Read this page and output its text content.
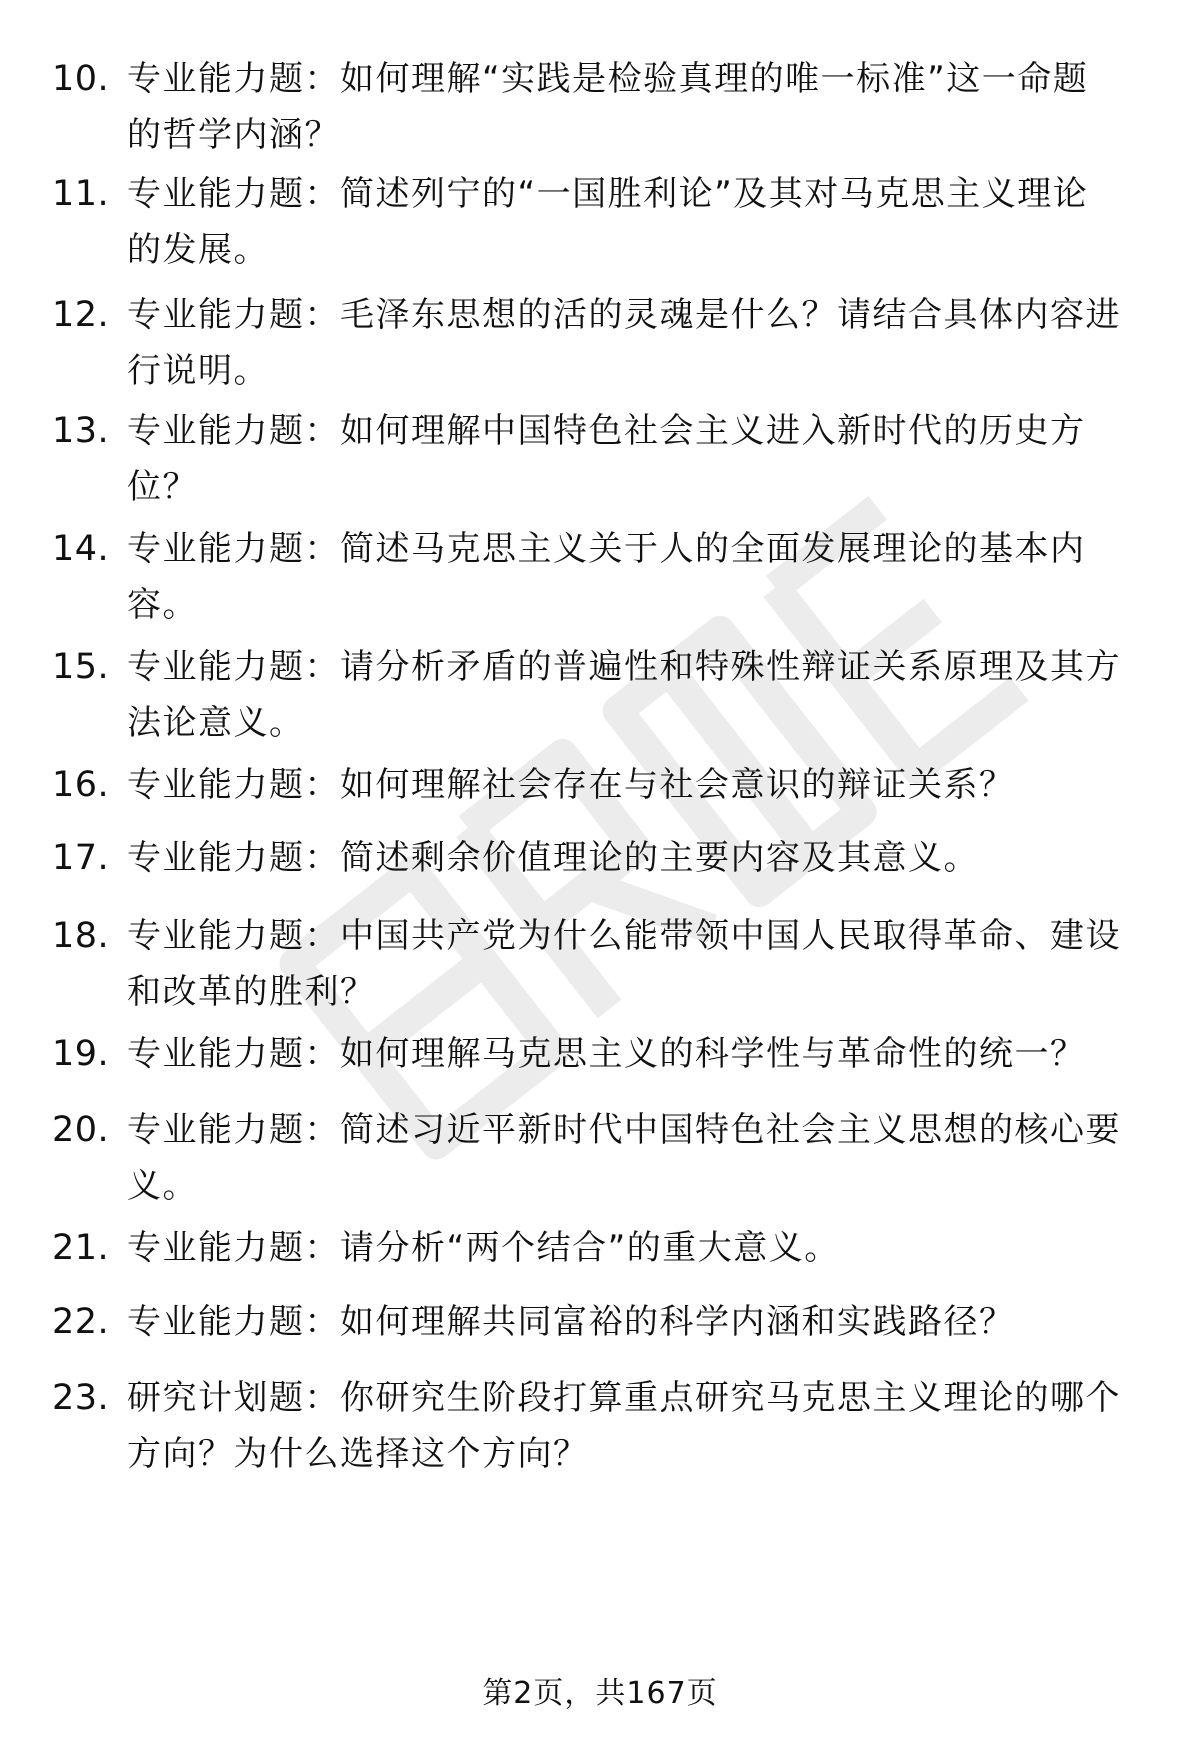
10. 专业能力题：如何理解“实践是检验真理的唯一标准”这一命题
的哲学内涵？
11. 专业能力题：简述列宁的“一国胜利论”及其对马克思主义理论
的发展。
12. 专业能力题：毛泽东思想的活的灵魂是什么？请结合具体内容进
行说明。
13. 专业能力题：如何理解中国特色社会主义进入新时代的历史方
位？
14. 专业能力题：简述马克思主义关于人的全面发展理论的基本内
容。
15. 专业能力题：请分析矛盾的普遍性和特殊性辩证关系原理及其方
法论意义。
16. 专业能力题：如何理解社会存在与社会意识的辩证关系？
17. 专业能力题：简述剩余价值理论的主要内容及其意义。
18. 专业能力题：中国共产党为什么能带领中国人民取得革命、建设
和改革的胜利？
19. 专业能力题：如何理解马克思主义的科学性与革命性的统一？
20. 专业能力题：简述习近平新时代中国特色社会主义思想的核心要
义。
21. 专业能力题：请分析“两个结合”的重大意义。
22. 专业能力题：如何理解共同富裕的科学内涵和实践路径？
23. 研究计划题：你研究生阶段打算重点研究马克思主义理论的哪个
方向？为什么选择这个方向？
第2页，共167页
